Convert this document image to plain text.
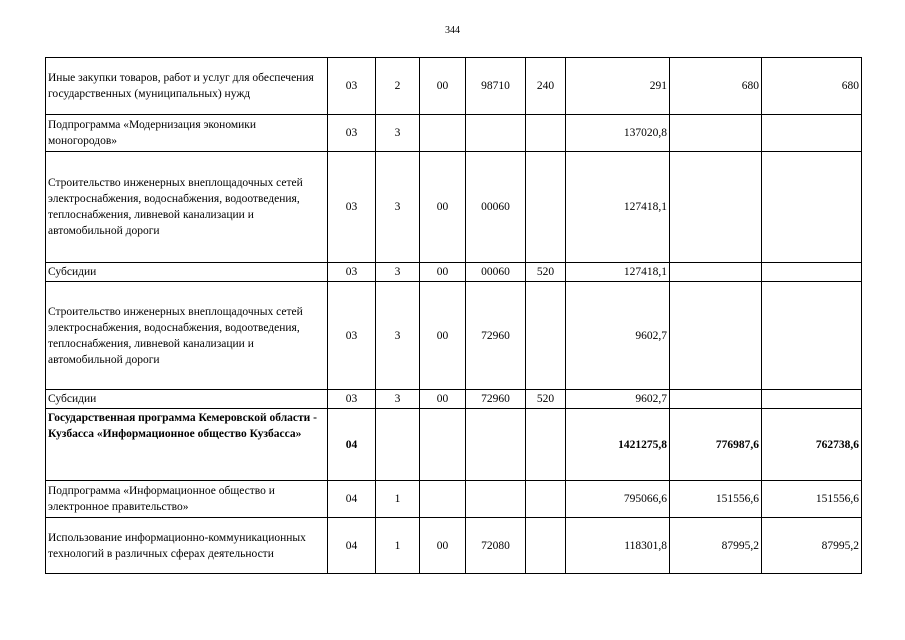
344
Иные закупки товаров, работ и услуг для обеспечения государственных (муниципальных) нужд	03	2	00	98710	240	291	680	680
Подпрограмма «Модернизация экономики моногородов»	03	3				137020,8		
Строительство инженерных внеплощадочных сетей электроснабжения, водоснабжения, водоотведения, теплоснабжения, ливневой канализации и автомобильной дороги	03	3	00	00060		127418,1		
Субсидии	03	3	00	00060	520	127418,1		
Строительство инженерных внеплощадочных сетей электроснабжения, водоснабжения, водоотведения, теплоснабжения, ливневой канализации и автомобильной дороги	03	3	00	72960		9602,7		
Субсидии	03	3	00	72960	520	9602,7		
Государственная программа Кемеровской области - Кузбасса «Информационное общество Кузбасса»	04					1421275,8	776987,6	762738,6
Подпрограмма «Информационное общество и электронное правительство»	04	1				795066,6	151556,6	151556,6
Использование информационно-коммуникационных технологий в различных сферах деятельности	04	1	00	72080		118301,8	87995,2	87995,2
